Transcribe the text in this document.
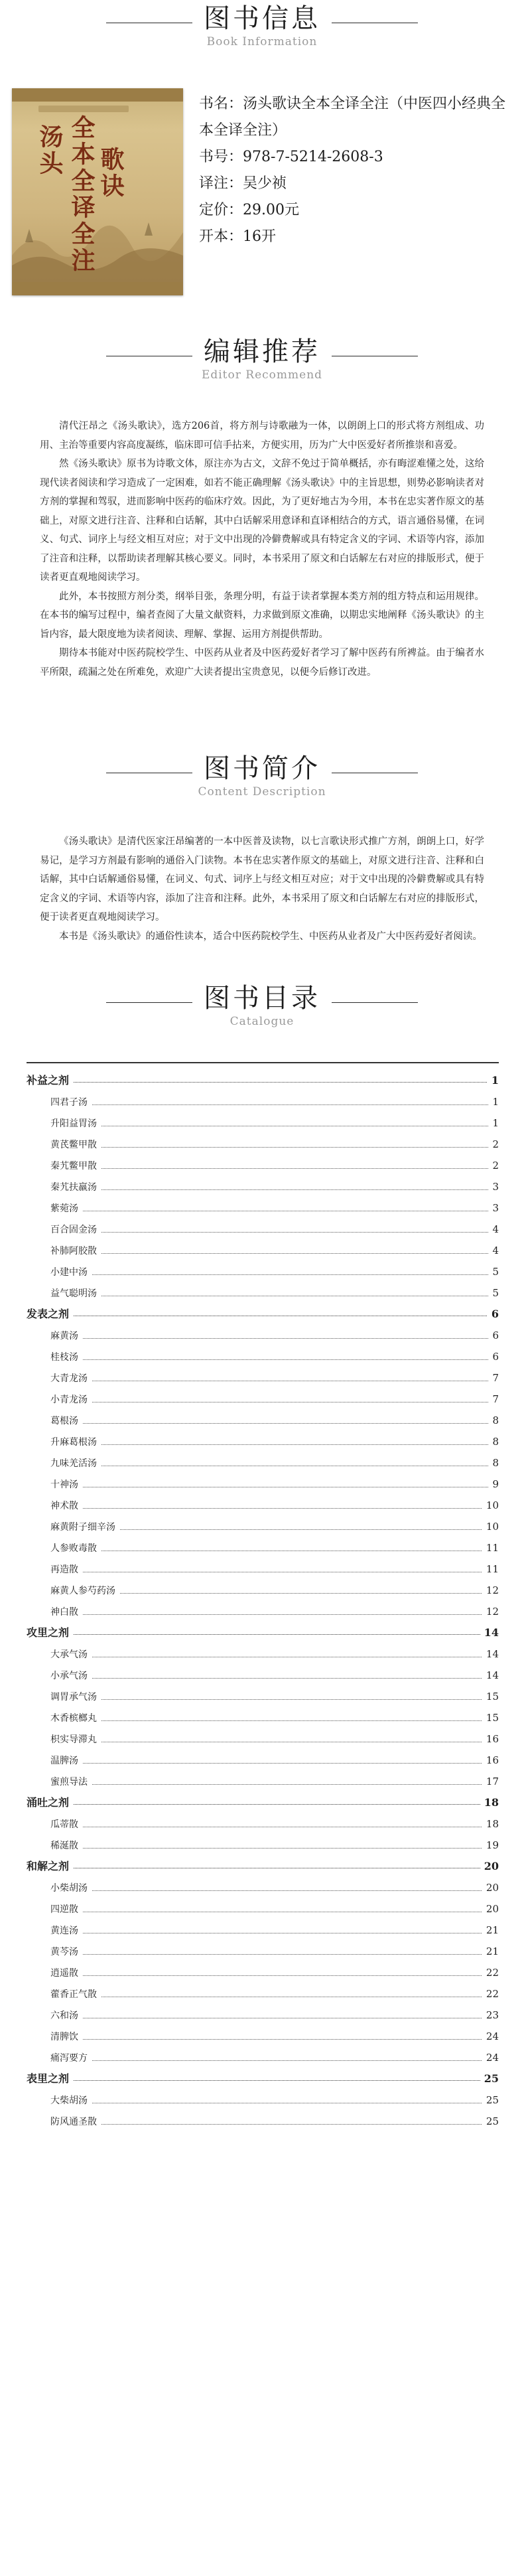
图书信息
Book Information
汤头 全本全译全注 歌诀
书名：汤头歌诀全本全译全注（中医四小经典全本全译全注）
书号：978-7-5214-2608-3
译注：吴少祯
定价：29.00元
开本：16开
编辑推荐
Editor Recommend

清代汪昂之《汤头歌诀》，选方206首，将方剂与诗歌融为一体，以朗朗上口的形式将方剂组成、功用、主治等重要内容高度凝练，临床即可信手拈来，方便实用，历为广大中医爱好者所推崇和喜爱。

然《汤头歌诀》原书为诗歌文体，原注亦为古文，文辞不免过于简单概括，亦有晦涩难懂之处，这给现代读者阅读和学习造成了一定困难，如若不能正确理解《汤头歌诀》中的主旨思想，则势必影响读者对方剂的掌握和驾驭，进而影响中医药的临床疗效。因此，为了更好地古为今用，本书在忠实著作原文的基础上，对原文进行注音、注释和白话解，其中白话解采用意译和直译相结合的方式，语言通俗易懂，在词义、句式、词序上与经文相互对应；对于文中出现的冷僻费解或具有特定含义的字词、术语等内容，添加了注音和注释，以帮助读者理解其核心要义。同时，本书采用了原文和白话解左右对应的排版形式，便于读者更直观地阅读学习。

此外，本书按照方剂分类，纲举目张，条理分明，有益于读者掌握本类方剂的组方特点和运用规律。在本书的编写过程中，编者查阅了大量文献资料，力求做到原文准确，以期忠实地阐释《汤头歌诀》的主旨内容，最大限度地为读者阅读、理解、掌握、运用方剂提供帮助。

期待本书能对中医药院校学生、中医药从业者及中医药爱好者学习了解中医药有所裨益。由于编者水平所限，疏漏之处在所难免，欢迎广大读者提出宝贵意见，以便今后修订改进。

图书简介
Content Description

《汤头歌诀》是清代医家汪昂编著的一本中医普及读物，以七言歌诀形式推广方剂，朗朗上口，好学易记，是学习方剂最有影响的通俗入门读物。本书在忠实著作原文的基础上，对原文进行注音、注释和白话解，其中白话解通俗易懂，在词义、句式、词序上与经文相互对应；对于文中出现的冷僻费解或具有特定含义的字词、术语等内容，添加了注音和注释。此外，本书采用了原文和白话解左右对应的排版形式，便于读者更直观地阅读学习。

本书是《汤头歌诀》的通俗性读本，适合中医药院校学生、中医药从业者及广大中医药爱好者阅读。

图书目录
Catalogue
补益之剂	1
四君子汤	1
升阳益胃汤	1
黄芪鳖甲散	2
秦艽鳖甲散	2
秦艽扶羸汤	3
紫菀汤	3
百合固金汤	4
补肺阿胶散	4
小建中汤	5
益气聪明汤	5
发表之剂	6
麻黄汤	6
桂枝汤	6
大青龙汤	7
小青龙汤	7
葛根汤	8
升麻葛根汤	8
九味羌活汤	8
十神汤	9
神术散	10
麻黄附子细辛汤	10
人参败毒散	11
再造散	11
麻黄人参芍药汤	12
神白散	12
攻里之剂	14
大承气汤	14
小承气汤	14
调胃承气汤	15
木香槟榔丸	15
枳实导滞丸	16
温脾汤	16
蜜煎导法	17
涌吐之剂	18
瓜蒂散	18
稀涎散	19
和解之剂	20
小柴胡汤	20
四逆散	20
黄连汤	21
黄芩汤	21
逍遥散	22
藿香正气散	22
六和汤	23
清脾饮	24
痛泻要方	24
表里之剂	25
大柴胡汤	25
防风通圣散	25
